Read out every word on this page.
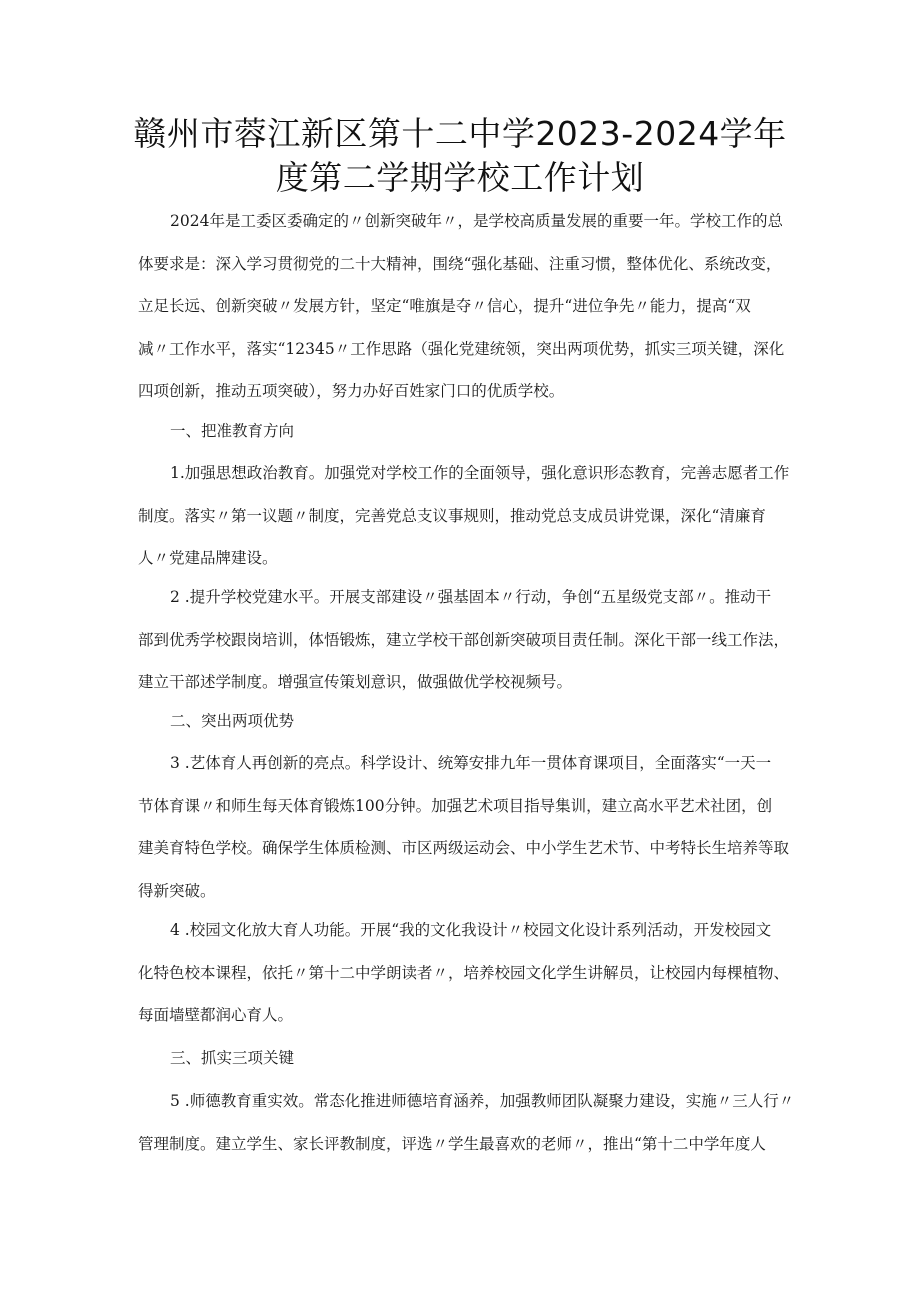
赣州市蓉江新区第十二中学2023-2024学年
度第二学期学校工作计划
2024年是工委区委确定的〃创新突破年〃，是学校高质量发展的重要一年。学校工作的总
体要求是：深入学习贯彻党的二十大精神，围绕“强化基础、注重习惯，整体优化、系统改变，
立足长远、创新突破〃发展方针，坚定“唯旗是夺〃信心，提升“进位争先〃能力，提高“双
减〃工作水平，落实“12345〃工作思路（强化党建统领，突出两项优势，抓实三项关键，深化
四项创新，推动五项突破），努力办好百姓家门口的优质学校。
一、把准教育方向
1.加强思想政治教育。加强党对学校工作的全面领导，强化意识形态教育，完善志愿者工作
制度。落实〃第一议题〃制度，完善党总支议事规则，推动党总支成员讲党课，深化“清廉育
人〃党建品牌建设。
2 .提升学校党建水平。开展支部建设〃强基固本〃行动，争创“五星级党支部〃。推动干
部到优秀学校跟岗培训，体悟锻炼，建立学校干部创新突破项目责任制。深化干部一线工作法，
建立干部述学制度。增强宣传策划意识，做强做优学校视频号。
二、突出两项优势
3 .艺体育人再创新的亮点。科学设计、统筹安排九年一贯体育课项目，全面落实“一天一
节体育课〃和师生每天体育锻炼100分钟。加强艺术项目指导集训，建立高水平艺术社团，创
建美育特色学校。确保学生体质检测、市区两级运动会、中小学生艺术节、中考特长生培养等取
得新突破。
4 .校园文化放大育人功能。开展“我的文化我设计〃校园文化设计系列活动，开发校园文
化特色校本课程，依托〃第十二中学朗读者〃，培养校园文化学生讲解员，让校园内每棵植物、
每面墙壁都润心育人。
三、抓实三项关键
5 .师德教育重实效。常态化推进师德培育涵养，加强教师团队凝聚力建设，实施〃三人行〃
管理制度。建立学生、家长评教制度，评选〃学生最喜欢的老师〃，推出“第十二中学年度人
